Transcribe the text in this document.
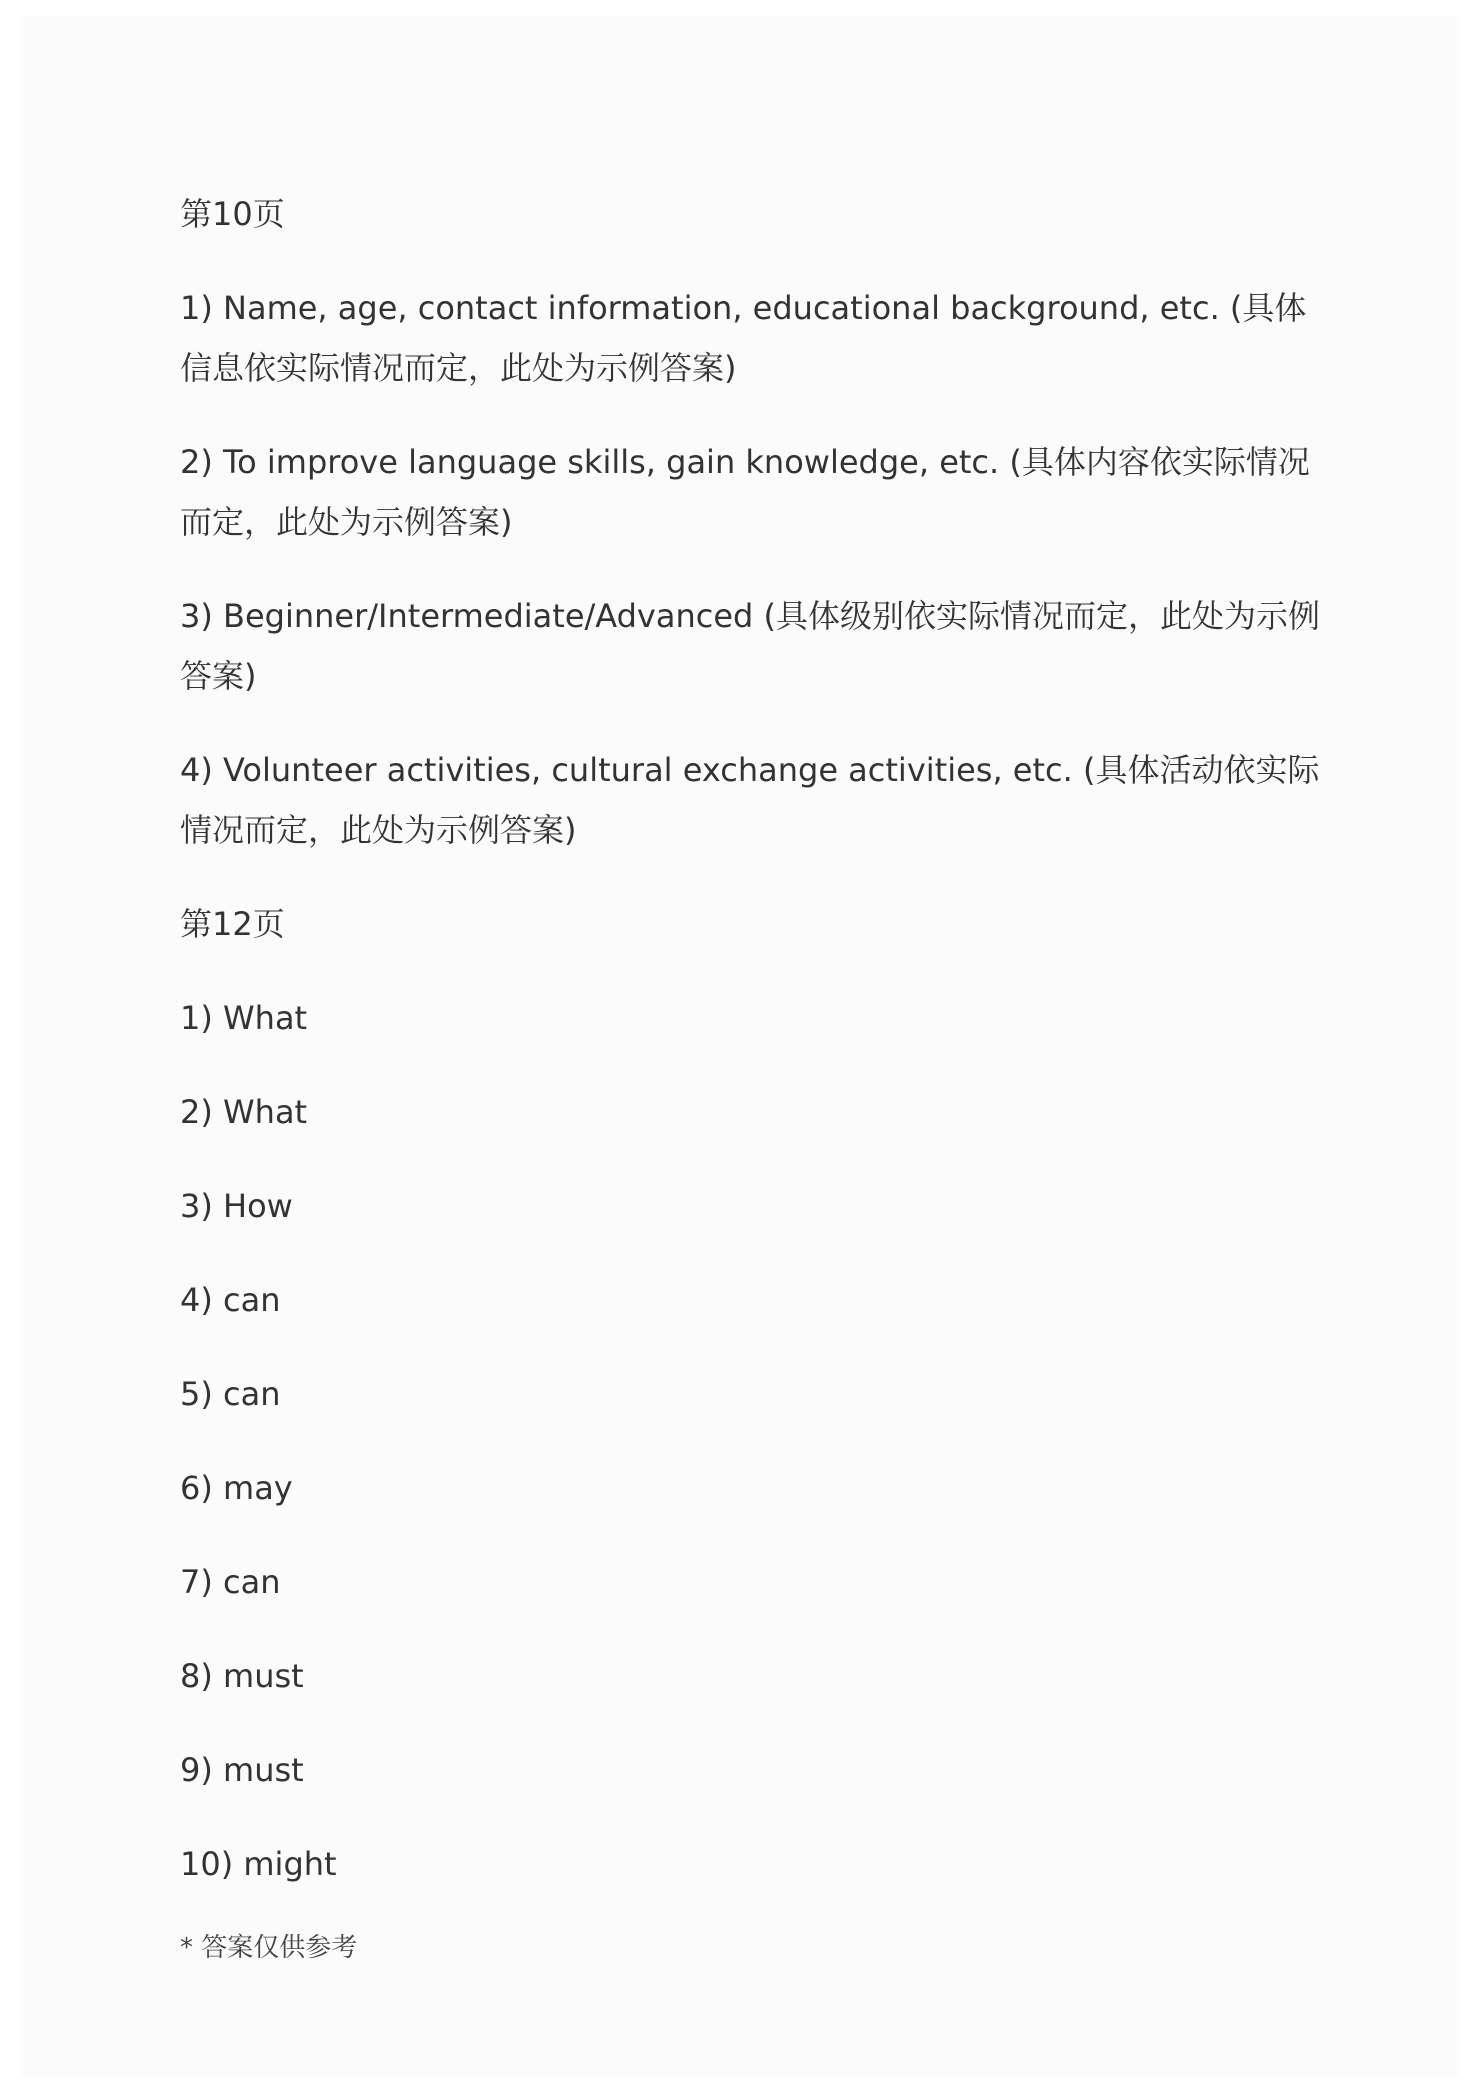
第10页
1) Name, age, contact information, educational background, etc. (具体信息依实际情况而定，此处为示例答案)
2) To improve language skills, gain knowledge, etc. (具体内容依实际情况而定，此处为示例答案)
3) Beginner/Intermediate/Advanced (具体级别依实际情况而定，此处为示例答案)
4) Volunteer activities, cultural exchange activities, etc. (具体活动依实际情况而定，此处为示例答案)
第12页
1) What
2) What
3) How
4) can
5) can
6) may
7) can
8) must
9) must
10) might
* 答案仅供参考
